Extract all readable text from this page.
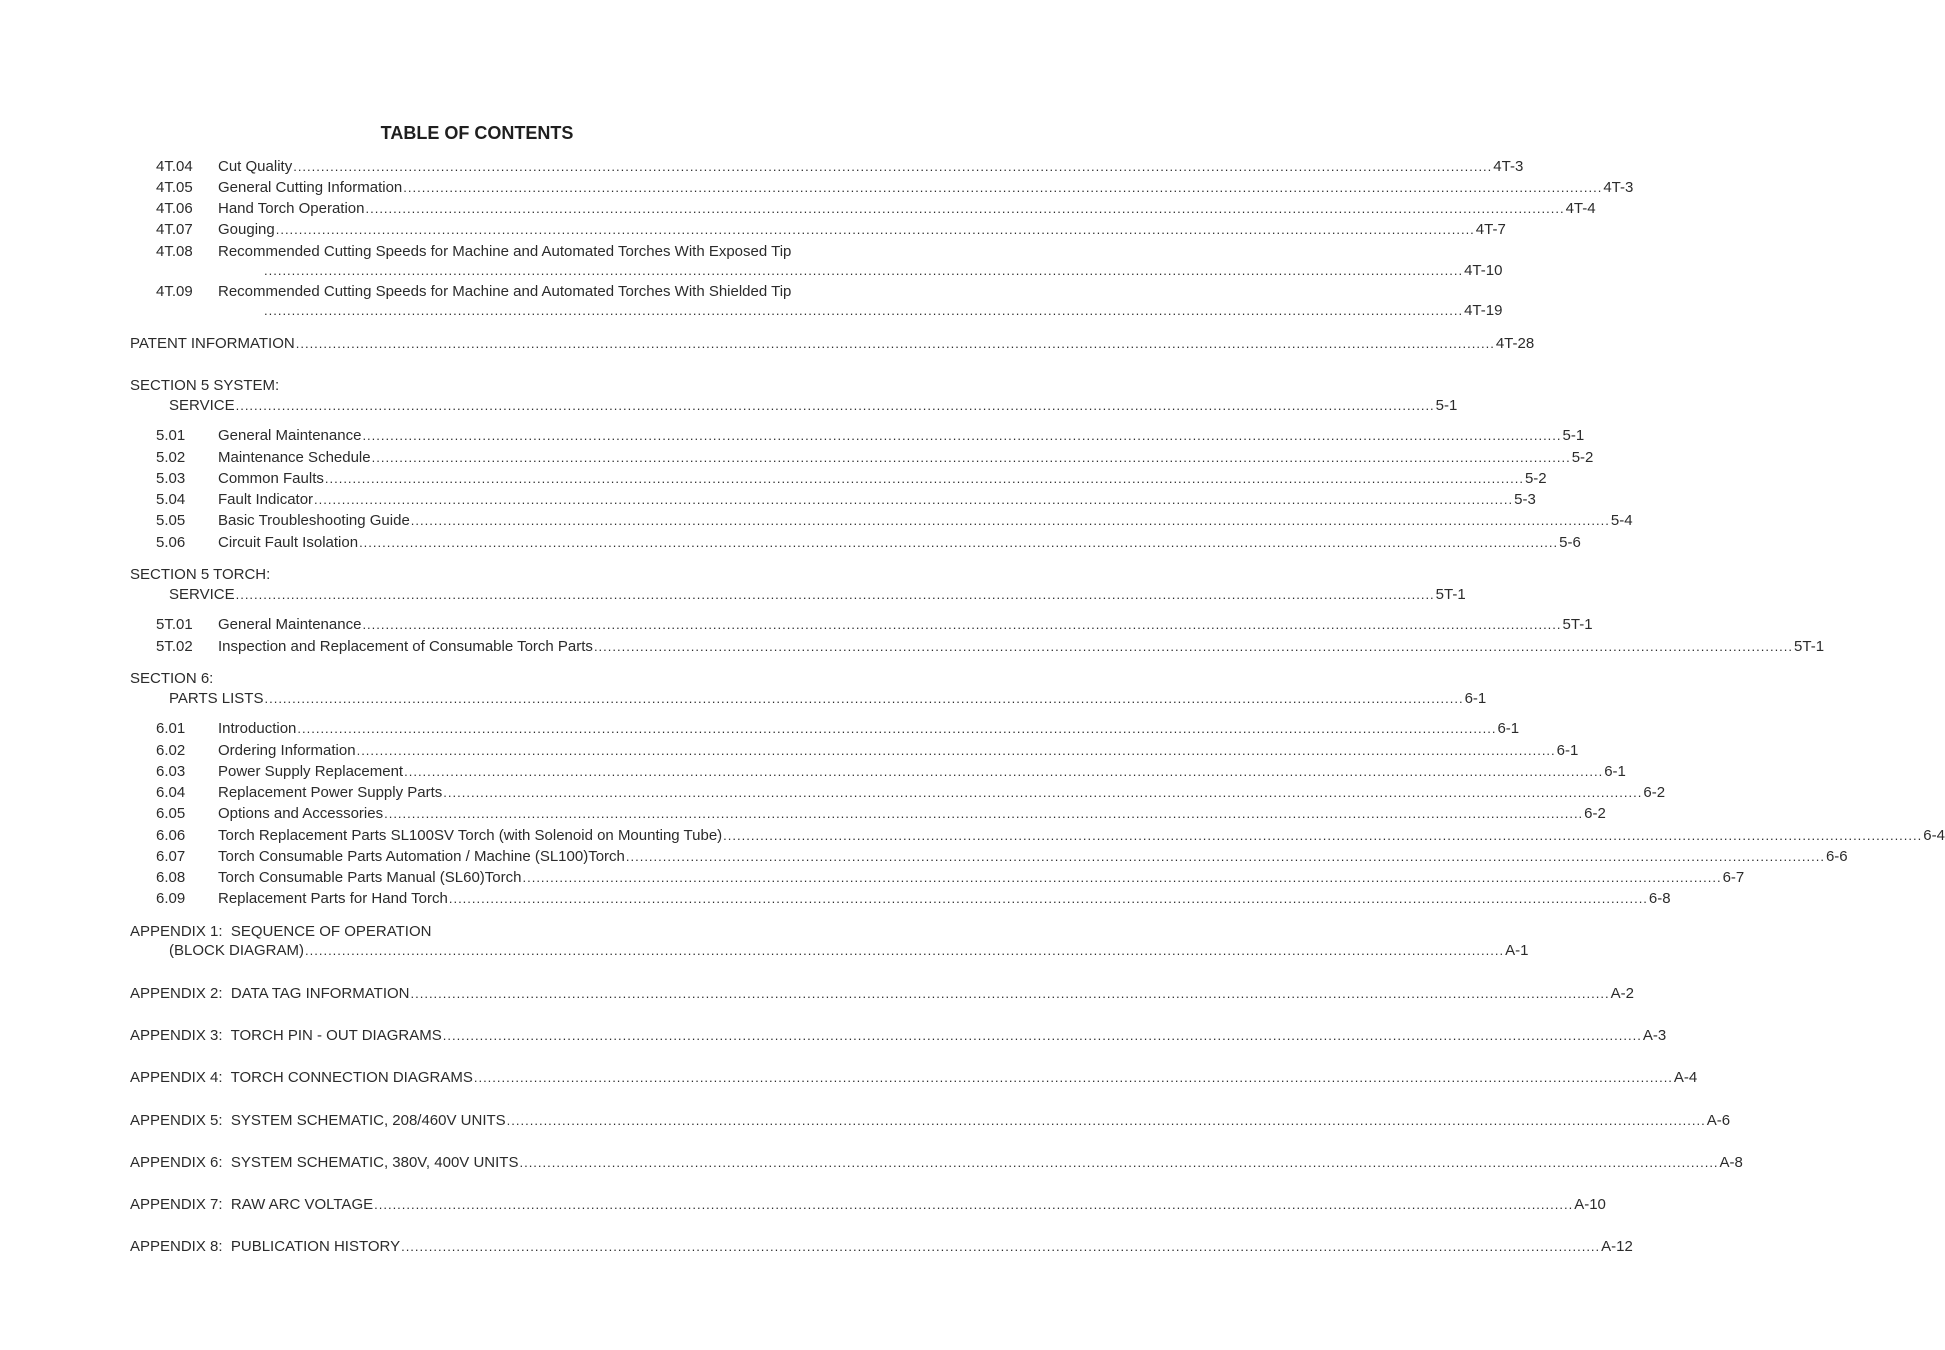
TABLE OF CONTENTS
4T.04 Cut Quality .................................................................................................................................................................................................................................................................... 4T-3
4T.05 General Cutting Information .................................................................................................................................................................................................................................................................... 4T-3
4T.06 Hand Torch Operation .................................................................................................................................................................................................................................................................... 4T-4
4T.07 Gouging .................................................................................................................................................................................................................................................................... 4T-7
4T.08 Recommended Cutting Speeds for Machine and Automated Torches With Exposed Tip
.................................................................................................................................................................................................................................................................... 4T-10
4T.09 Recommended Cutting Speeds for Machine and Automated Torches With Shielded Tip
.................................................................................................................................................................................................................................................................... 4T-19
PATENT INFORMATION .................................................................................................................................................................................................................................................................... 4T-28
SECTION 5 SYSTEM:
SERVICE .................................................................................................................................................................................................................................................................... 5-1
5.01 General Maintenance .................................................................................................................................................................................................................................................................... 5-1
5.02 Maintenance Schedule .................................................................................................................................................................................................................................................................... 5-2
5.03 Common Faults .................................................................................................................................................................................................................................................................... 5-2
5.04 Fault Indicator .................................................................................................................................................................................................................................................................... 5-3
5.05 Basic Troubleshooting Guide .................................................................................................................................................................................................................................................................... 5-4
5.06 Circuit Fault Isolation .................................................................................................................................................................................................................................................................... 5-6
SECTION 5 TORCH:
SERVICE .................................................................................................................................................................................................................................................................... 5T-1
5T.01 General Maintenance .................................................................................................................................................................................................................................................................... 5T-1
5T.02 Inspection and Replacement of Consumable Torch Parts .................................................................................................................................................................................................................................................................... 5T-1
SECTION 6:
PARTS LISTS .................................................................................................................................................................................................................................................................... 6-1
6.01 Introduction .................................................................................................................................................................................................................................................................... 6-1
6.02 Ordering Information .................................................................................................................................................................................................................................................................... 6-1
6.03 Power Supply Replacement .................................................................................................................................................................................................................................................................... 6-1
6.04 Replacement Power Supply Parts .................................................................................................................................................................................................................................................................... 6-2
6.05 Options and Accessories .................................................................................................................................................................................................................................................................... 6-2
6.06 Torch Replacement Parts SL100SV Torch (with Solenoid on Mounting Tube) .................................................................................................................................................................................................................................................................... 6-4
6.07 Torch Consumable Parts Automation / Machine (SL100)Torch .................................................................................................................................................................................................................................................................... 6-6
6.08 Torch Consumable Parts Manual (SL60)Torch .................................................................................................................................................................................................................................................................... 6-7
6.09 Replacement Parts for Hand Torch .................................................................................................................................................................................................................................................................... 6-8
APPENDIX 1:  SEQUENCE OF OPERATION
(BLOCK DIAGRAM) .................................................................................................................................................................................................................................................................... A-1
APPENDIX 2:  DATA TAG INFORMATION .................................................................................................................................................................................................................................................................... A-2
APPENDIX 3:  TORCH PIN - OUT DIAGRAMS .................................................................................................................................................................................................................................................................... A-3
APPENDIX 4:  TORCH CONNECTION DIAGRAMS .................................................................................................................................................................................................................................................................... A-4
APPENDIX 5:  SYSTEM SCHEMATIC, 208/460V UNITS .................................................................................................................................................................................................................................................................... A-6
APPENDIX 6:  SYSTEM SCHEMATIC, 380V, 400V UNITS .................................................................................................................................................................................................................................................................... A-8
APPENDIX 7:  RAW ARC VOLTAGE .................................................................................................................................................................................................................................................................... A-10
APPENDIX 8:  PUBLICATION HISTORY .................................................................................................................................................................................................................................................................... A-12
